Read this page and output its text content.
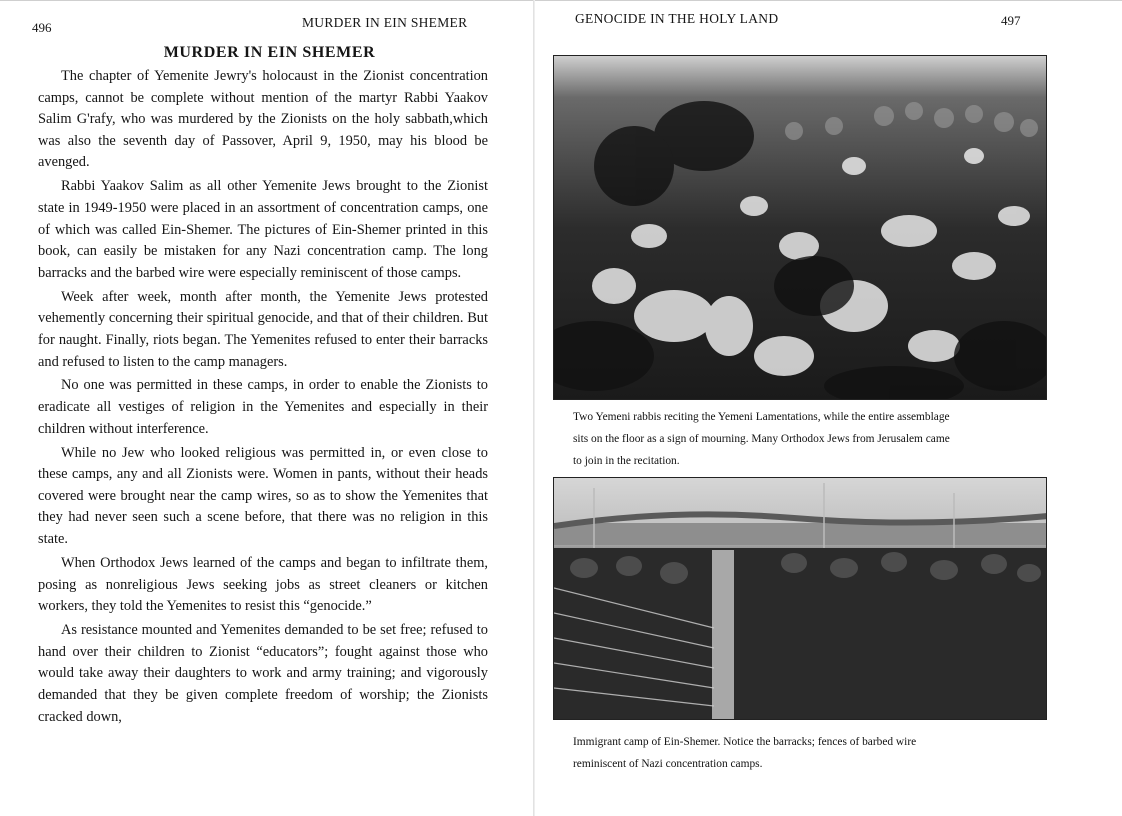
496	MURDER IN EIN SHEMER
MURDER IN EIN SHEMER

The chapter of Yemenite Jewry's holocaust in the Zionist concentration camps, cannot be complete without mention of the martyr Rabbi Yaakov Salim G'rafy, who was murdered by the Zionists on the holy sabbath,which was also the seventh day of Passover, April 9, 1950, may his blood be avenged.

Rabbi Yaakov Salim as all other Yemenite Jews brought to the Zionist state in 1949-1950 were placed in an assortment of concentration camps, one of which was called Ein-Shemer. The pictures of Ein-Shemer printed in this book, can easily be mistaken for any Nazi concentration camp. The long barracks and the barbed wire were especially reminiscent of those camps.

Week after week, month after month, the Yemenite Jews protested vehemently concerning their spiritual genocide, and that of their children. But for naught. Finally, riots began. The Yemenites refused to enter their barracks and refused to listen to the camp managers.

No one was permitted in these camps, in order to enable the Zionists to eradicate all vestiges of religion in the Yemenites and especially in their children without interference.

While no Jew who looked religious was permitted in, or even close to these camps, any and all Zionists were. Women in pants, without their heads covered were brought near the camp wires, so as to show the Yemenites that they had never seen such a scene before, that there was no religion in this state.

When Orthodox Jews learned of the camps and began to infiltrate them, posing as nonreligious Jews seeking jobs as street cleaners or kitchen workers, they told the Yemenites to resist this “genocide.”

As resistance mounted and Yemenites demanded to be set free; refused to hand over their children to Zionist “educators”; fought against those who would take away their daughters to work and army training; and vigorously demanded that they be given complete freedom of worship; the Zionists cracked down,

GENOCIDE IN THE HOLY LAND	497
Two Yemeni rabbis reciting the Yemeni Lamentations, while the entire assemblage
sits on the floor as a sign of mourning. Many Orthodox Jews from Jerusalem came
to join in the recitation.
Immigrant camp of Ein-Shemer. Notice the barracks; fences of barbed wire
reminiscent of Nazi concentration camps.
